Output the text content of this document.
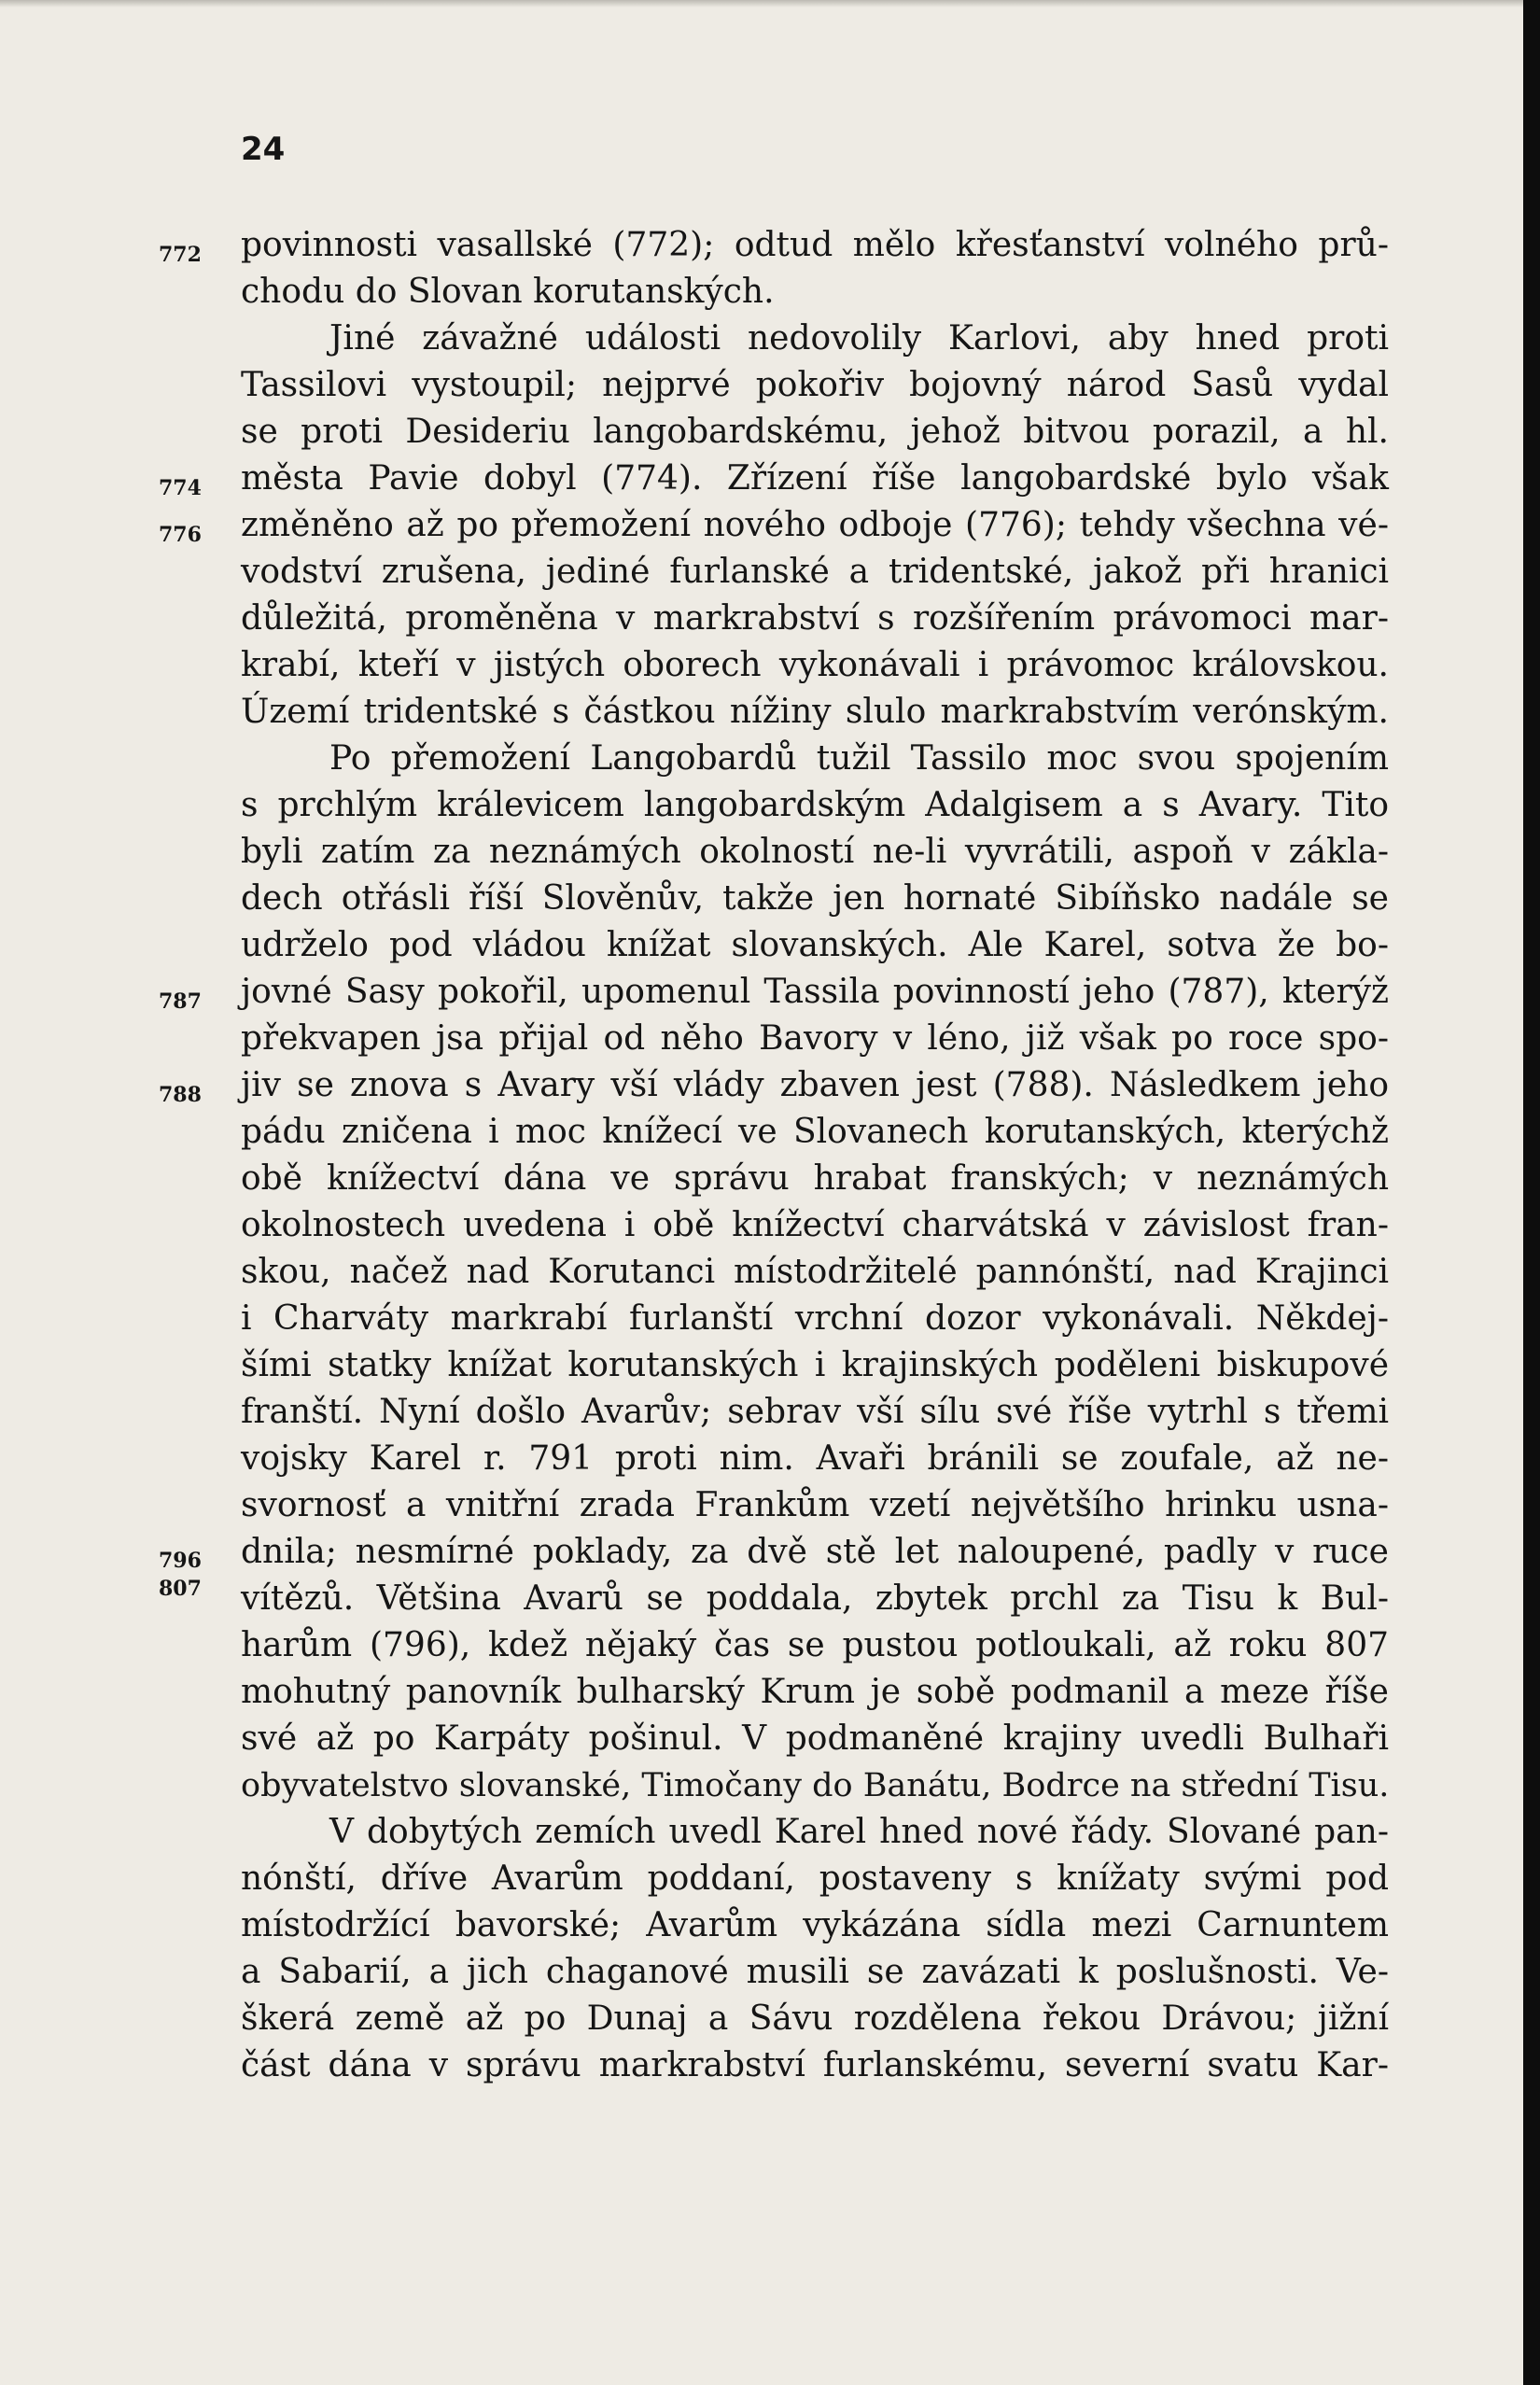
24

772
774
776
787
788
796
807

povinnosti vasallské (772); odtud mělo křesťanství volného prů-

chodu do Slovan korutanských.

Jiné závažné události nedovolily Karlovi, aby hned proti

Tassilovi vystoupil; nejprvé pokořiv bojovný národ Sasů vydal

se proti Desideriu langobardskému, jehož bitvou porazil, a hl.

města Pavie dobyl (774). Zřízení říše langobardské bylo však

změněno až po přemožení nového odboje (776); tehdy všechna vé-

vodství zrušena, jediné furlanské a tridentské, jakož při hranici

důležitá, proměněna v markrabství s rozšířením právomoci mar-

krabí, kteří v jistých oborech vykonávali i právomoc královskou.

Území tridentské s částkou nížiny slulo markrabstvím verónským.

Po přemožení Langobardů tužil Tassilo moc svou spojením

s prchlým králevicem langobardským Adalgisem a s Avary. Tito

byli zatím za neznámých okolností ne-li vyvrátili, aspoň v zákla-

dech otřásli říší Slověnův, takže jen hornaté Sibíňsko nadále se

udrželo pod vládou knížat slovanských. Ale Karel, sotva že bo-

jovné Sasy pokořil, upomenul Tassila povinností jeho (787), kterýž

překvapen jsa přijal od něho Bavory v léno, již však po roce spo-

jiv se znova s Avary vší vlády zbaven jest (788). Následkem jeho

pádu zničena i moc knížecí ve Slovanech korutanských, kterýchž

obě knížectví dána ve správu hrabat franských; v neznámých

okolnostech uvedena i obě knížectví charvátská v závislost fran-

skou, načež nad Korutanci místodržitelé pannónští, nad Krajinci

i Charváty markrabí furlanští vrchní dozor vykonávali. Někdej-

šími statky knížat korutanských i krajinských poděleni biskupové

franští. Nyní došlo Avarův; sebrav vší sílu své říše vytrhl s třemi

vojsky Karel r. 791 proti nim. Avaři bránili se zoufale, až ne-

svornosť a vnitřní zrada Frankům vzetí největšího hrinku usna-

dnila; nesmírné poklady, za dvě stě let naloupené, padly v ruce

vítězů. Většina Avarů se poddala, zbytek prchl za Tisu k Bul-

harům (796), kdež nějaký čas se pustou potloukali, až roku 807

mohutný panovník bulharský Krum je sobě podmanil a meze říše

své až po Karpáty pošinul. V podmaněné krajiny uvedli Bulhaři

obyvatelstvo slovanské, Timočany do Banátu, Bodrce na střední Tisu.

V dobytých zemích uvedl Karel hned nové řády. Slované pan-

nónští, dříve Avarům poddaní, postaveny s knížaty svými pod

místodržící bavorské; Avarům vykázána sídla mezi Carnuntem

a Sabarií, a jich chaganové musili se zavázati k poslušnosti. Ve-

škerá země až po Dunaj a Sávu rozdělena řekou Drávou; jižní

část dána v správu markrabství furlanskému, severní svatu Kar-
